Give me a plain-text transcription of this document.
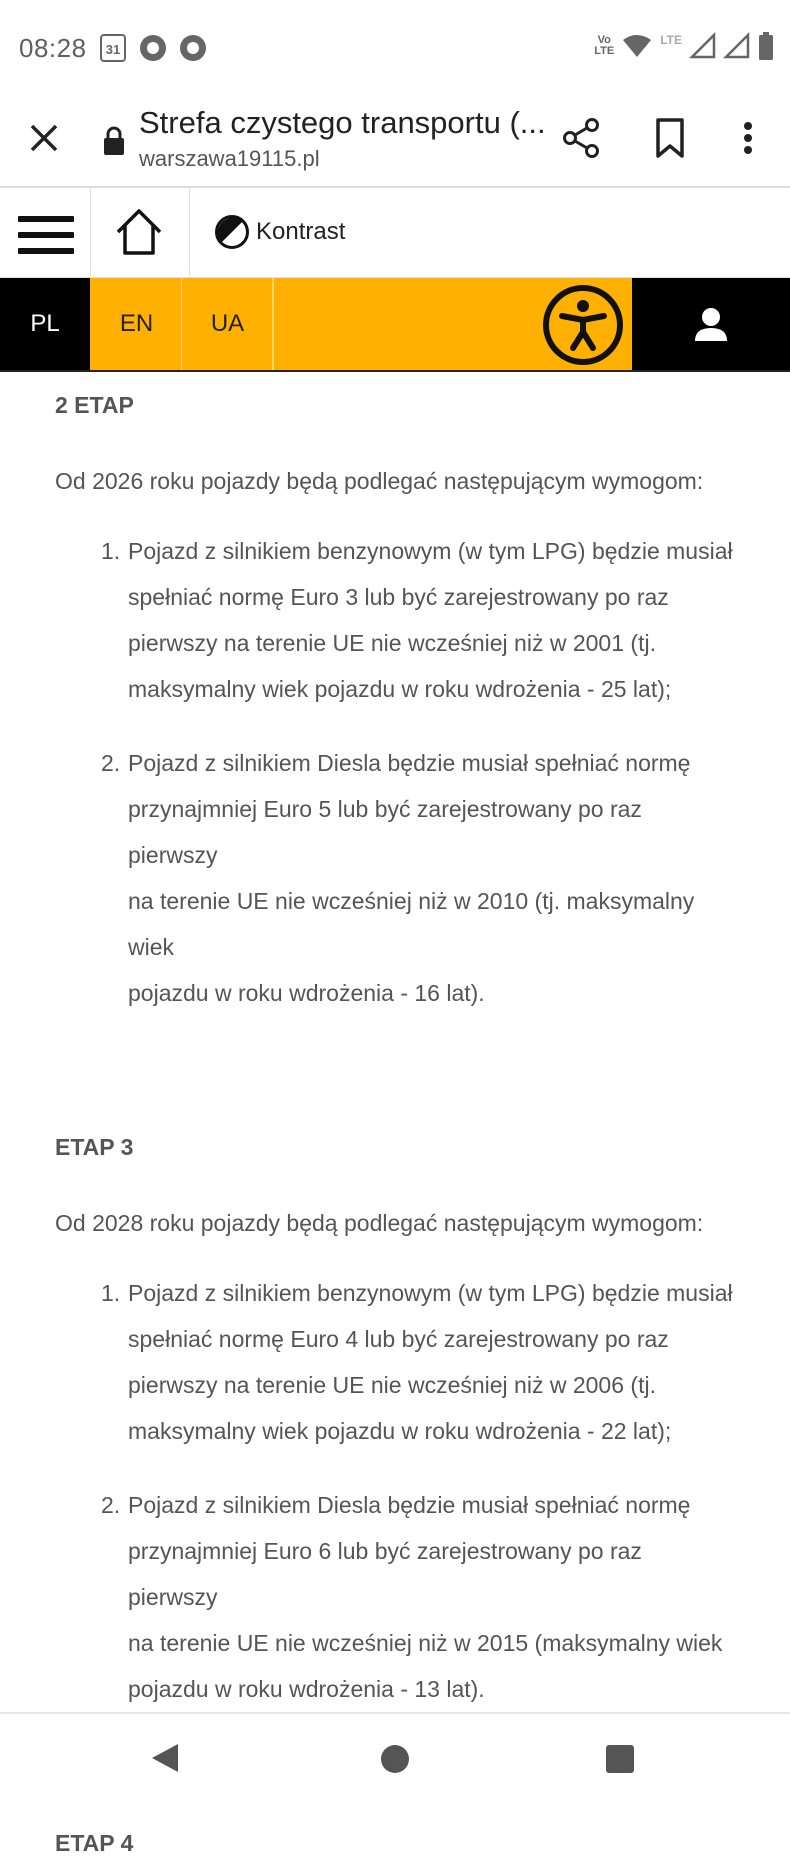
08:28	31
Vo
LTE
LTE
Strefa czystego transportu (...
warszawa19115.pl
Kontrast
PL	EN	UA
2 ETAP
Od 2026 roku pojazdy będą podlegać następującym wymogom:
1. Pojazd z silnikiem benzynowym (w tym LPG) będzie musiał
spełniać normę Euro 3 lub być zarejestrowany po raz
pierwszy na terenie UE nie wcześniej niż w 2001 (tj.
maksymalny wiek pojazdu w roku wdrożenia - 25 lat);
2. Pojazd z silnikiem Diesla będzie musiał spełniać normę
przynajmniej Euro 5 lub być zarejestrowany po raz pierwszy
na terenie UE nie wcześniej niż w 2010 (tj. maksymalny wiek
pojazdu w roku wdrożenia - 16 lat).
ETAP 3
Od 2028 roku pojazdy będą podlegać następującym wymogom:
1. Pojazd z silnikiem benzynowym (w tym LPG) będzie musiał
spełniać normę Euro 4 lub być zarejestrowany po raz
pierwszy na terenie UE nie wcześniej niż w 2006 (tj.
maksymalny wiek pojazdu w roku wdrożenia - 22 lat);
2. Pojazd z silnikiem Diesla będzie musiał spełniać normę
przynajmniej Euro 6 lub być zarejestrowany po raz pierwszy
na terenie UE nie wcześniej niż w 2015 (maksymalny wiek
pojazdu w roku wdrożenia - 13 lat).
ETAP 4
